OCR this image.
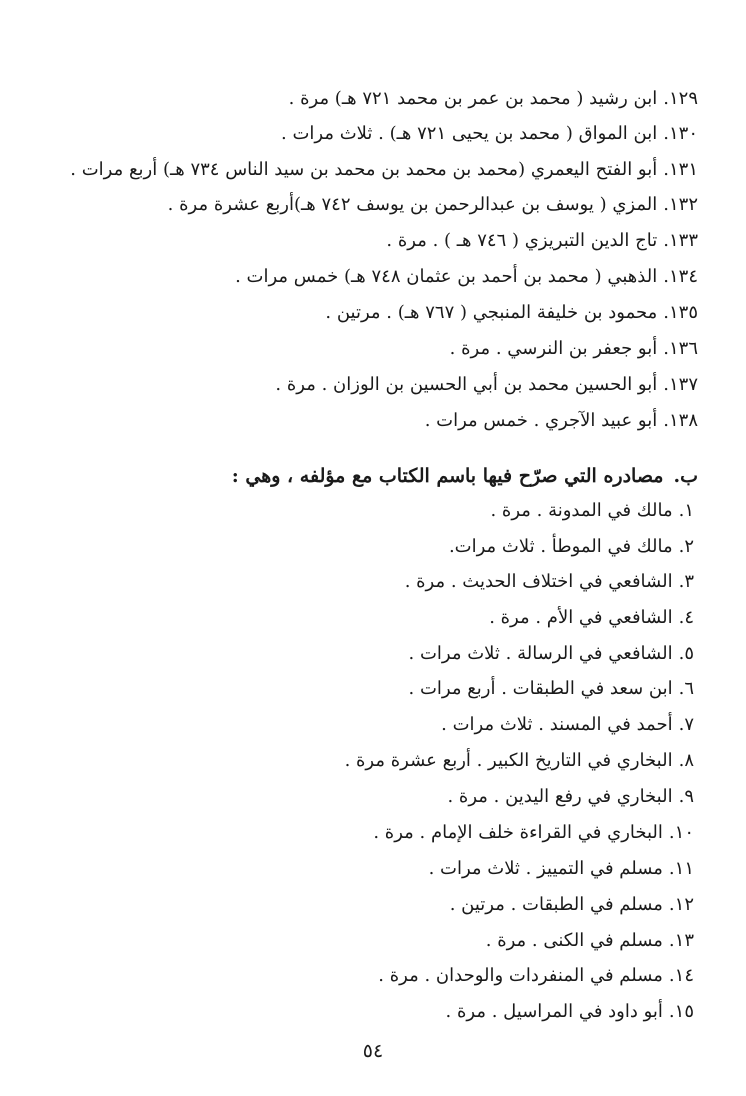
١٢٩.ابن رشيد ( محمد بن عمر بن محمد ٧٢١ هـ) مرة .
١٣٠.ابن المواق ( محمد بن يحيى ٧٢١ هـ) . ثلاث مرات .
١٣١.أبو الفتح اليعمري (محمد بن محمد بن محمد بن سيد الناس ٧٣٤ هـ) أربع مرات .
١٣٢.المزي ( يوسف بن عبدالرحمن بن يوسف ٧٤٢ هـ)أربع عشرة مرة .
١٣٣.تاج الدين التبريزي ( ٧٤٦ هـ ) . مرة .
١٣٤.الذهبي ( محمد بن أحمد بن عثمان ٧٤٨ هـ) خمس مرات .
١٣٥.محمود بن خليفة المنبجي ( ٧٦٧ هـ) . مرتين .
١٣٦.أبو جعفر بن النرسي . مرة .
١٣٧.أبو الحسين محمد بن أبي الحسين بن الوزان . مرة .
١٣٨.أبو عبيد الآجري . خمس مرات .
ب.مصادره التي صرّح فيها باسم الكتاب مع مؤلفه ، وهي :
١.مالك في المدونة . مرة .
٢.مالك في الموطأ . ثلاث مرات.
٣.الشافعي في اختلاف الحديث . مرة .
٤.الشافعي في الأم . مرة .
٥.الشافعي في الرسالة . ثلاث مرات .
٦.ابن سعد في الطبقات . أربع مرات .
٧.أحمد في المسند . ثلاث مرات .
٨.البخاري في التاريخ الكبير . أربع عشرة مرة .
٩.البخاري في رفع اليدين . مرة .
١٠.البخاري في القراءة خلف الإمام . مرة .
١١.مسلم في التمييز . ثلاث مرات .
١٢.مسلم في الطبقات . مرتين .
١٣.مسلم في الكنى . مرة .
١٤.مسلم في المنفردات والوحدان . مرة .
١٥.أبو داود في المراسيل . مرة .
٥٤
